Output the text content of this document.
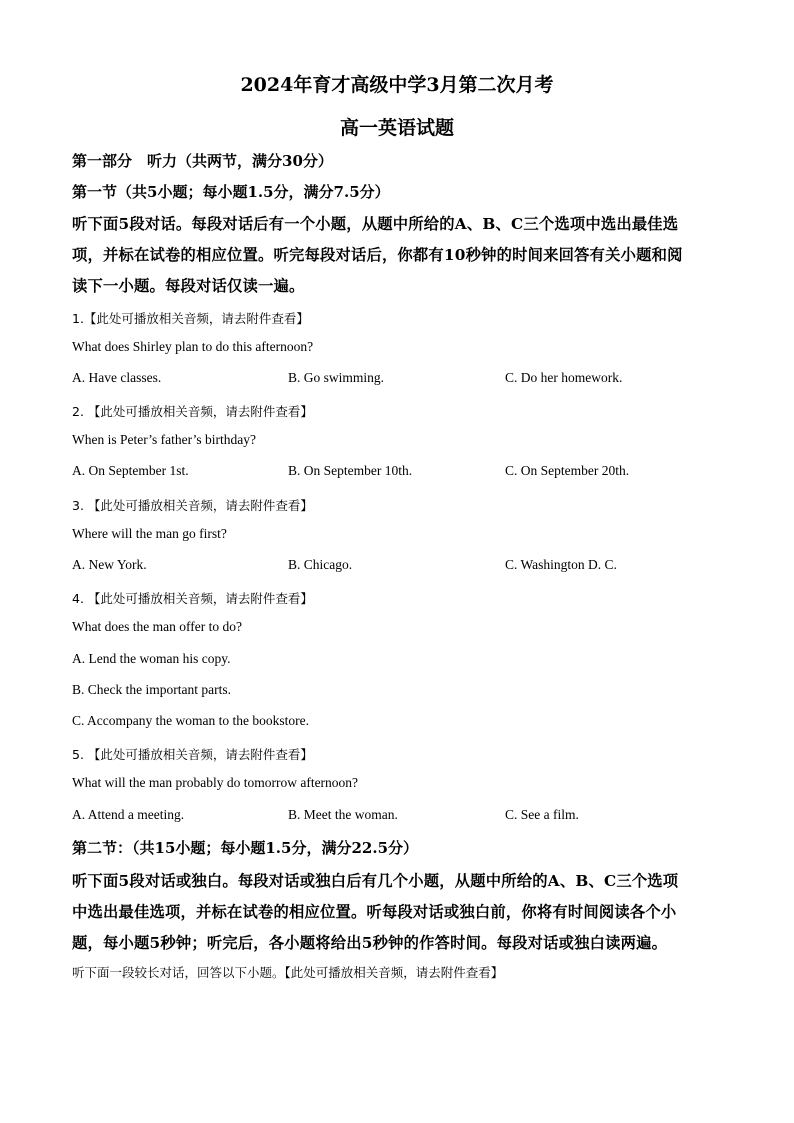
2024年育才高级中学3月第二次月考
高一英语试题
第一部分　听力（共两节，满分30分）
第一节（共5小题；每小题1.5分，满分7.5分）
听下面5段对话。每段对话后有一个小题，从题中所给的A、B、C三个选项中选出最佳选
项，并标在试卷的相应位置。听完每段对话后，你都有10秒钟的时间来回答有关小题和阅
读下一小题。每段对话仅读一遍。
1.【此处可播放相关音频，请去附件查看】
What does Shirley plan to do this afternoon?
A. Have classes.	B. Go swimming.	C. Do her homework.
2. 【此处可播放相关音频，请去附件查看】
When is Peter’s father’s birthday?
A. On September 1st.	B. On September 10th.	C. On September 20th.
3. 【此处可播放相关音频，请去附件查看】
Where will the man go first?
A. New York.	B. Chicago.	C. Washington D. C.
4. 【此处可播放相关音频，请去附件查看】
What does the man offer to do?
A. Lend the woman his copy.
B. Check the important parts.
C. Accompany the woman to the bookstore.
5. 【此处可播放相关音频，请去附件查看】
What will the man probably do tomorrow afternoon?
A. Attend a meeting.	B. Meet the woman.	C. See a film.
第二节：（共15小题；每小题1.5分，满分22.5分）
听下面5段对话或独白。每段对话或独白后有几个小题，从题中所给的A、B、C三个选项
中选出最佳选项，并标在试卷的相应位置。听每段对话或独白前，你将有时间阅读各个小
题，每小题5秒钟；听完后，各小题将给出5秒钟的作答时间。每段对话或独白读两遍。
听下面一段较长对话，回答以下小题。【此处可播放相关音频，请去附件查看】
